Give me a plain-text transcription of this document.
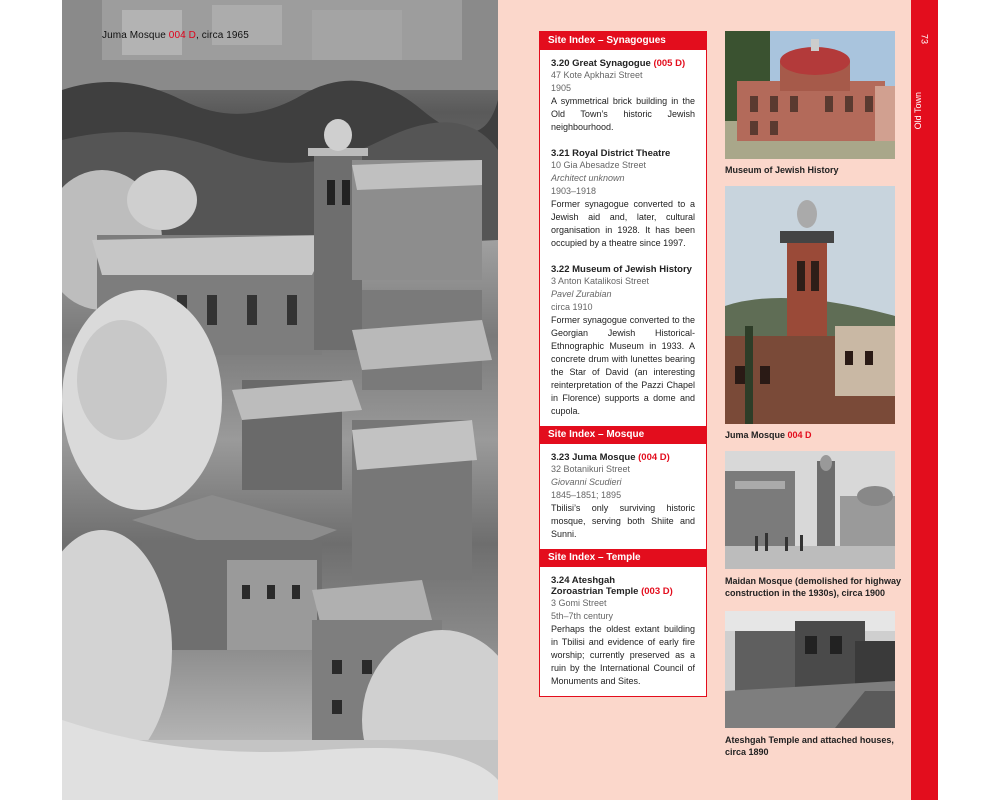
Juma Mosque 004 D, circa 1965	Site Index – Synagogues
3.20 Great Synagogue (005 D)
47 Kote Apkhazi Street
1905
A symmetrical brick building in the Old Town’s historic Jewish neighbourhood.
3.21 Royal District Theatre
10 Gia Abesadze Street
Architect unknown
1903–1918
Former synagogue converted to a Jewish aid and, later, cultural organisation in 1928. It has been occupied by a theatre since 1997.
3.22 Museum of Jewish History
3 Anton Katalikosi Street
Pavel Zurabian
circa 1910
Former synagogue converted to the Georgian Jewish Historical-Ethnographic Museum in 1933. A concrete drum with lunettes bearing the Star of David (an interesting reinterpretation of the Pazzi Chapel in Florence) supports a dome and cupola.
Site Index – Mosque
3.23 Juma Mosque (004 D)
32 Botanikuri Street
Giovanni Scudieri
1845–1851; 1895
Tbilisi’s only surviving historic mosque, serving both Shiite and Sunni.
Site Index – Temple
3.24 Ateshgah
Zoroastrian Temple (003 D)
3 Gomi Street
5th–7th century
Perhaps the oldest extant building in Tbilisi and evidence of early fire worship; currently preserved as a ruin by the International Council of Monuments and Sites.
Museum of Jewish History
Juma Mosque 004 D
Maidan Mosque (demolished for highway construction in the 1930s), circa 1900
Ateshgah Temple and attached houses, circa 1890
73
Old Town
